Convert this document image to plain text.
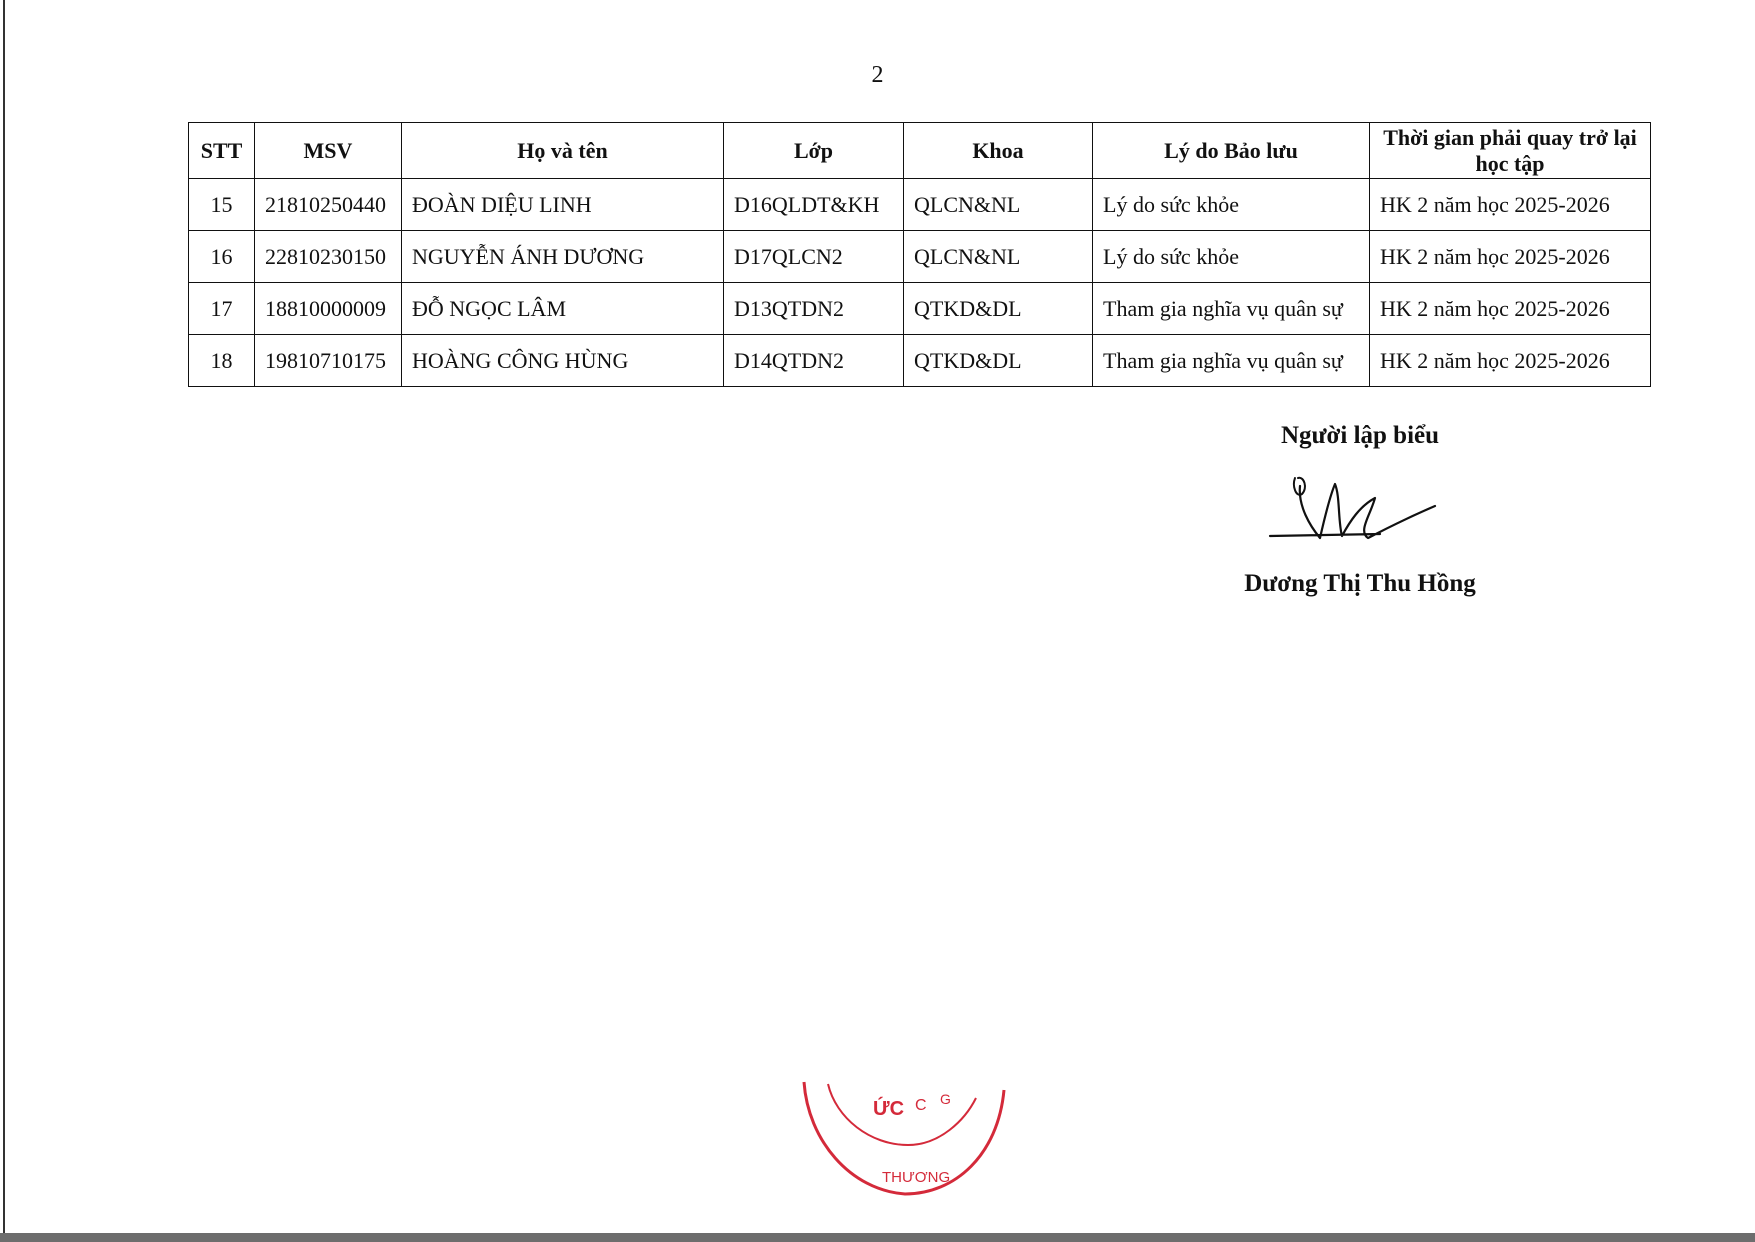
2
STT	MSV	Họ và tên	Lớp	Khoa	Lý do Bảo lưu	Thời gian phải quay trở lại học tập
15	21810250440	ĐOÀN DIỆU LINH	D16QLDT&KH	QLCN&NL	Lý do sức khỏe	HK 2 năm học 2025-2026
16	22810230150	NGUYỄN ÁNH DƯƠNG	D17QLCN2	QLCN&NL	Lý do sức khỏe	HK 2 năm học 2025-2026
17	18810000009	ĐỖ NGỌC LÂM	D13QTDN2	QTKD&DL	Tham gia nghĩa vụ quân sự	HK 2 năm học 2025-2026
18	19810710175	HOÀNG CÔNG HÙNG	D14QTDN2	QTKD&DL	Tham gia nghĩa vụ quân sự	HK 2 năm học 2025-2026
Người lập biểu
Dương Thị Thu Hồng
ỨC C G
THƯƠNG
